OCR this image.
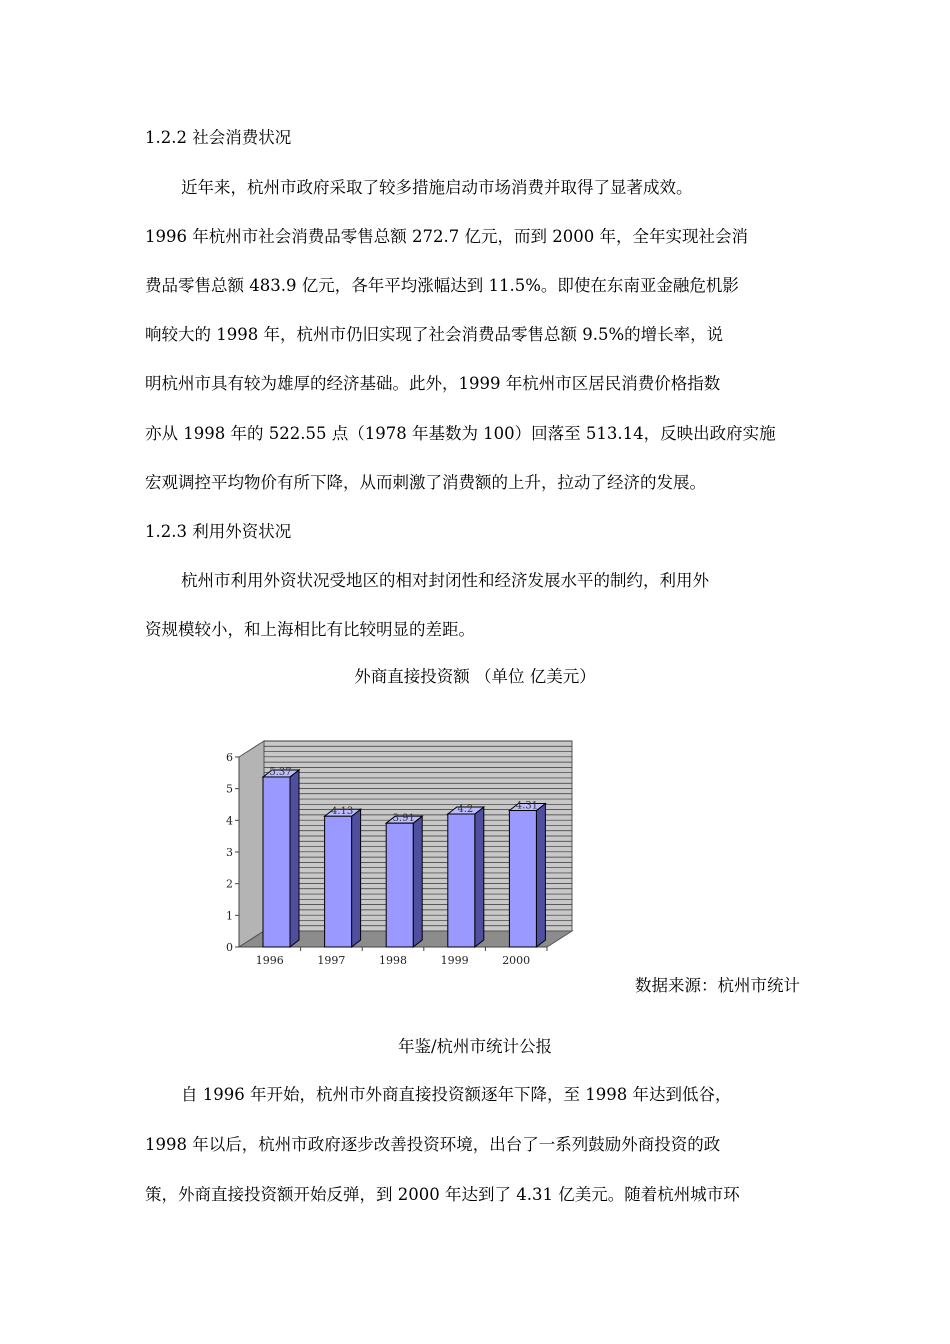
1.2.2 社会消费状况
近年来，杭州市政府采取了较多措施启动市场消费并取得了显著成效。
1996 年杭州市社会消费品零售总额 272.7 亿元，而到 2000 年，全年实现社会消
费品零售总额 483.9 亿元，各年平均涨幅达到 11.5%。即使在东南亚金融危机影
响较大的 1998 年，杭州市仍旧实现了社会消费品零售总额 9.5%的增长率，说
明杭州市具有较为雄厚的经济基础。此外，1999 年杭州市区居民消费价格指数
亦从 1998 年的 522.55 点（1978 年基数为 100）回落至 513.14，反映出政府实施
宏观调控平均物价有所下降，从而刺激了消费额的上升，拉动了经济的发展。
1.2.3 利用外资状况
杭州市利用外资状况受地区的相对封闭性和经济发展水平的制约，利用外
资规模较小，和上海相比有比较明显的差距。
外商直接投资额 （单位 亿美元）
0
1
2
3
4
5
6
5.37
1996
4.13
1997
3.91
1998
4.2
1999
4.31
2000
数据来源：杭州市统计
年鉴/杭州市统计公报
自 1996 年开始，杭州市外商直接投资额逐年下降，至 1998 年达到低谷，
1998 年以后，杭州市政府逐步改善投资环境，出台了一系列鼓励外商投资的政
策，外商直接投资额开始反弹，到 2000 年达到了 4.31 亿美元。随着杭州城市环
